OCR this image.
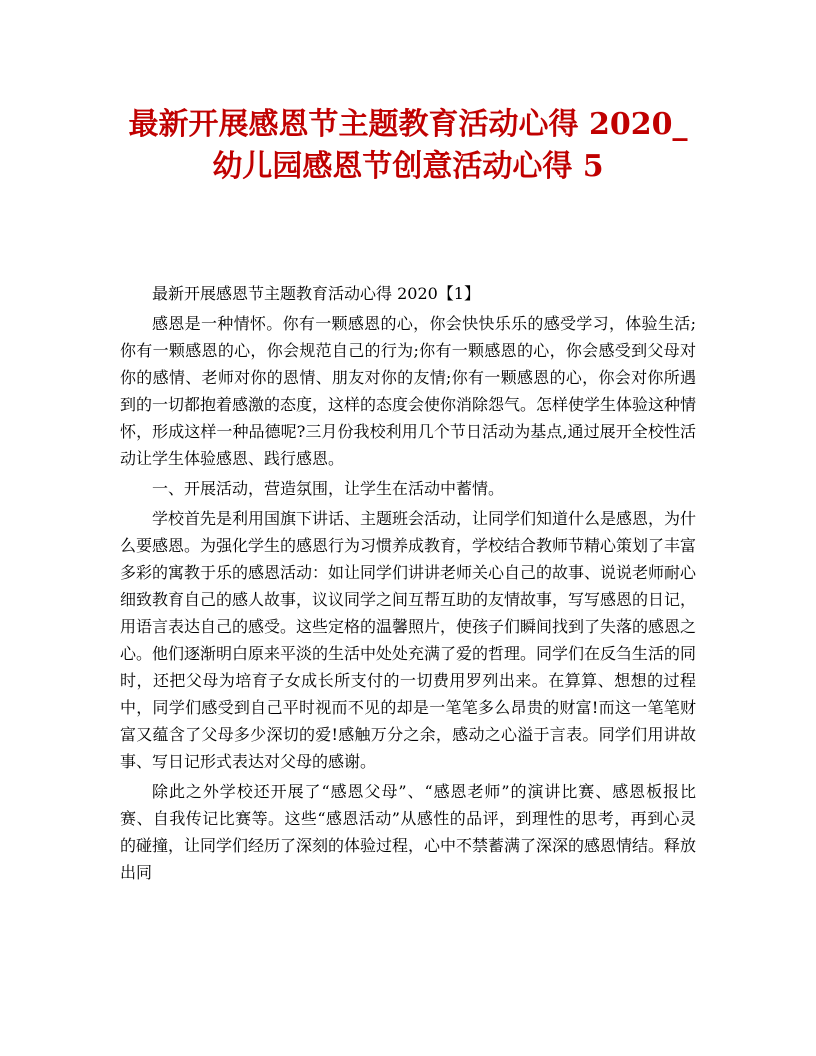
最新开展感恩节主题教育活动心得 2020_
幼儿园感恩节创意活动心得 5

最新开展感恩节主题教育活动心得 2020【1】

感恩是一种情怀。你有一颗感恩的心，你会快快乐乐的感受学习，体验生活;你有一颗感恩的心，你会规范自己的行为;你有一颗感恩的心，你会感受到父母对你的感情、老师对你的恩情、朋友对你的友情;你有一颗感恩的心，你会对你所遇到的一切都抱着感激的态度，这样的态度会使你消除怨气。怎样使学生体验这种情怀，形成这样一种品德呢?三月份我校利用几个节日活动为基点,通过展开全校性活动让学生体验感恩、践行感恩。

一、开展活动，营造氛围，让学生在活动中蓄情。

学校首先是利用国旗下讲话、主题班会活动，让同学们知道什么是感恩，为什么要感恩。为强化学生的感恩行为习惯养成教育，学校结合教师节精心策划了丰富多彩的寓教于乐的感恩活动：如让同学们讲讲老师关心自己的故事、说说老师耐心细致教育自己的感人故事，议议同学之间互帮互助的友情故事，写写感恩的日记，用语言表达自己的感受。这些定格的温馨照片，使孩子们瞬间找到了失落的感恩之心。他们逐渐明白原来平淡的生活中处处充满了爱的哲理。同学们在反刍生活的同时，还把父母为培育子女成长所支付的一切费用罗列出来。在算算、想想的过程中，同学们感受到自己平时视而不见的却是一笔笔多么昂贵的财富!而这一笔笔财富又蕴含了父母多少深切的爱!感触万分之余，感动之心溢于言表。同学们用讲故事、写日记形式表达对父母的感谢。

除此之外学校还开展了“感恩父母”、“感恩老师”的演讲比赛、感恩板报比赛、自我传记比赛等。这些“感恩活动”从感性的品评，到理性的思考，再到心灵的碰撞，让同学们经历了深刻的体验过程，心中不禁蓄满了深深的感恩情结。释放出同
